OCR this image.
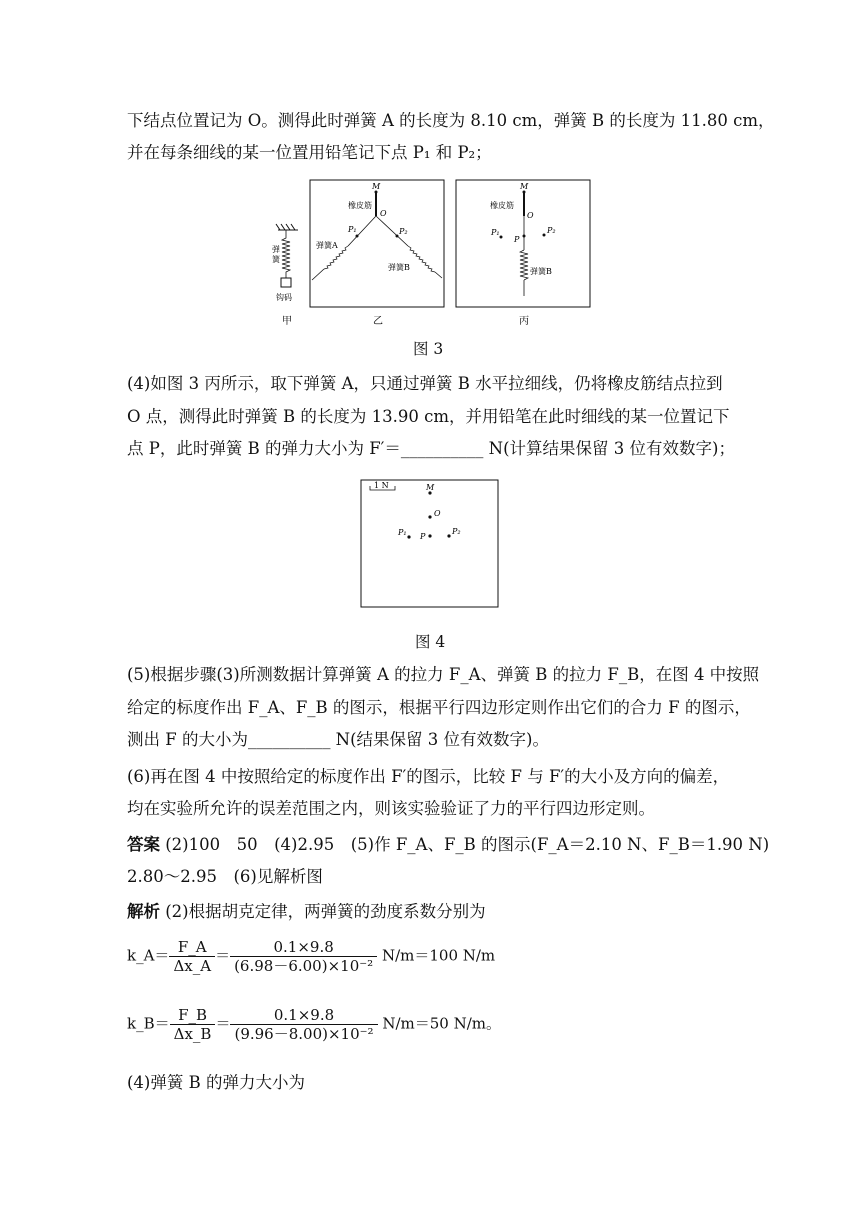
下结点位置记为 O。测得此时弹簧 A 的长度为 8.10 cm，弹簧 B 的长度为 11.80 cm，
并在每条细线的某一位置用铅笔记下点 P₁ 和 P₂；
弹
簧
钩码
甲
M
橡皮筋
O
P₁
弹簧A
P₂
弹簧B
乙
M
橡皮筋
O
P
P₁	P₂
弹簧B
丙
图 3
(4)如图 3 丙所示，取下弹簧 A，只通过弹簧 B 水平拉细线，仍将橡皮筋结点拉到
O 点，测得此时弹簧 B 的长度为 13.90 cm，并用铅笔在此时细线的某一位置记下
点 P，此时弹簧 B 的弹力大小为 F′＝__________ N(计算结果保留 3 位有效数字)；
1 N	M
O
P₁ P
P₂
图 4
(5)根据步骤(3)所测数据计算弹簧 A 的拉力 F_A、弹簧 B 的拉力 F_B，在图 4 中按照
给定的标度作出 F_A、F_B 的图示，根据平行四边形定则作出它们的合力 F 的图示，
测出 F 的大小为__________ N(结果保留 3 位有效数字)。
(6)再在图 4 中按照给定的标度作出 F′的图示，比较 F 与 F′的大小及方向的偏差，
均在实验所允许的误差范围之内，则该实验验证了力的平行四边形定则。
答案 (2)100　50　(4)2.95　(5)作 F_A、F_B 的图示(F_A＝2.10 N、F_B＝1.90 N)
2.80～2.95　(6)见解析图
解析 (2)根据胡克定律，两弹簧的劲度系数分别为
k_A＝ $\frac{F\_A}{\Delta x\_A} = \frac{0.1\times 9.8}{\text{(6.98－6.00)×10⁻²}} N/m=100$ N/m
k_B＝ $\frac{F\_B}{\Delta x\_B} = \frac{0.1\times 9.8}{\text{(9.96－8.00)×10⁻²}} N/m=50$ N/m。
(4)弹簧 B 的弹力大小为
